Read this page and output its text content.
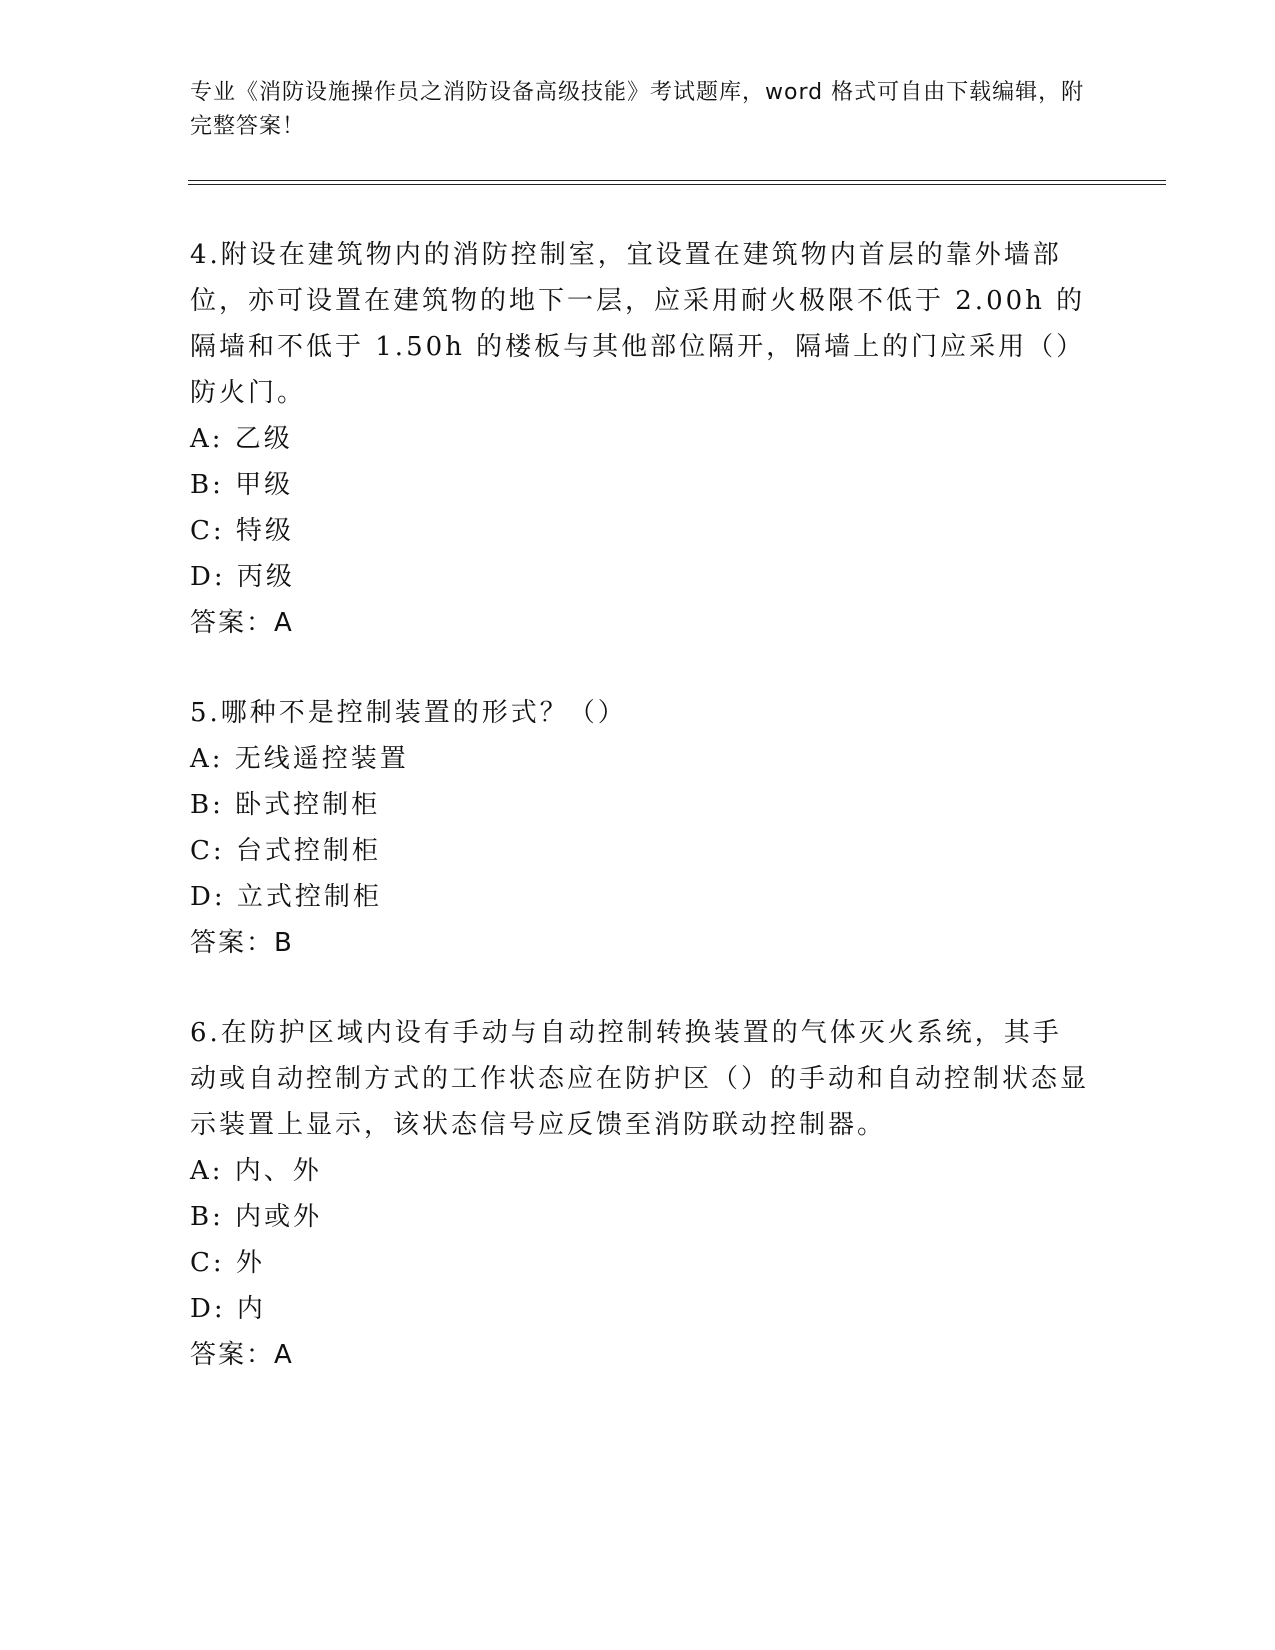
专业《消防设施操作员之消防设备高级技能》考试题库，word 格式可自由下载编辑，附完整答案！
4.附设在建筑物内的消防控制室，宜设置在建筑物内首层的靠外墙部位，亦可设置在建筑物的地下一层，应采用耐火极限不低于 2.00h 的隔墙和不低于 1.50h 的楼板与其他部位隔开，隔墙上的门应采用（）防火门。
A: 乙级
B: 甲级
C: 特级
D: 丙级
答案：A
5.哪种不是控制装置的形式？（）
A: 无线遥控装置
B: 卧式控制柜
C: 台式控制柜
D: 立式控制柜
答案：B
6.在防护区域内设有手动与自动控制转换装置的气体灭火系统，其手动或自动控制方式的工作状态应在防护区（）的手动和自动控制状态显示装置上显示，该状态信号应反馈至消防联动控制器。
A: 内、外
B: 内或外
C: 外
D: 内
答案：A
